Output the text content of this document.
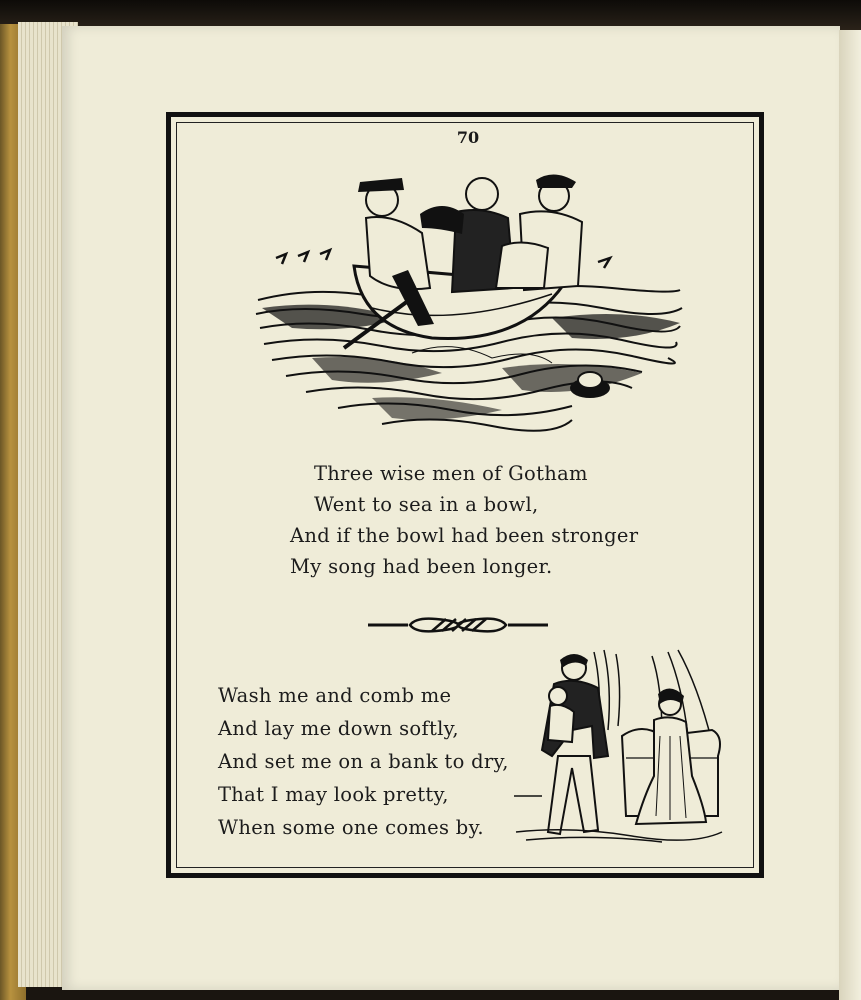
70
Three wise men of Gotham
Went to sea in a bowl,
And if the bowl had been stronger
My song had been longer.
Wash me and comb me
And lay me down softly,
And set me on a bank to dry,
That I may look pretty,
When some one comes by.
